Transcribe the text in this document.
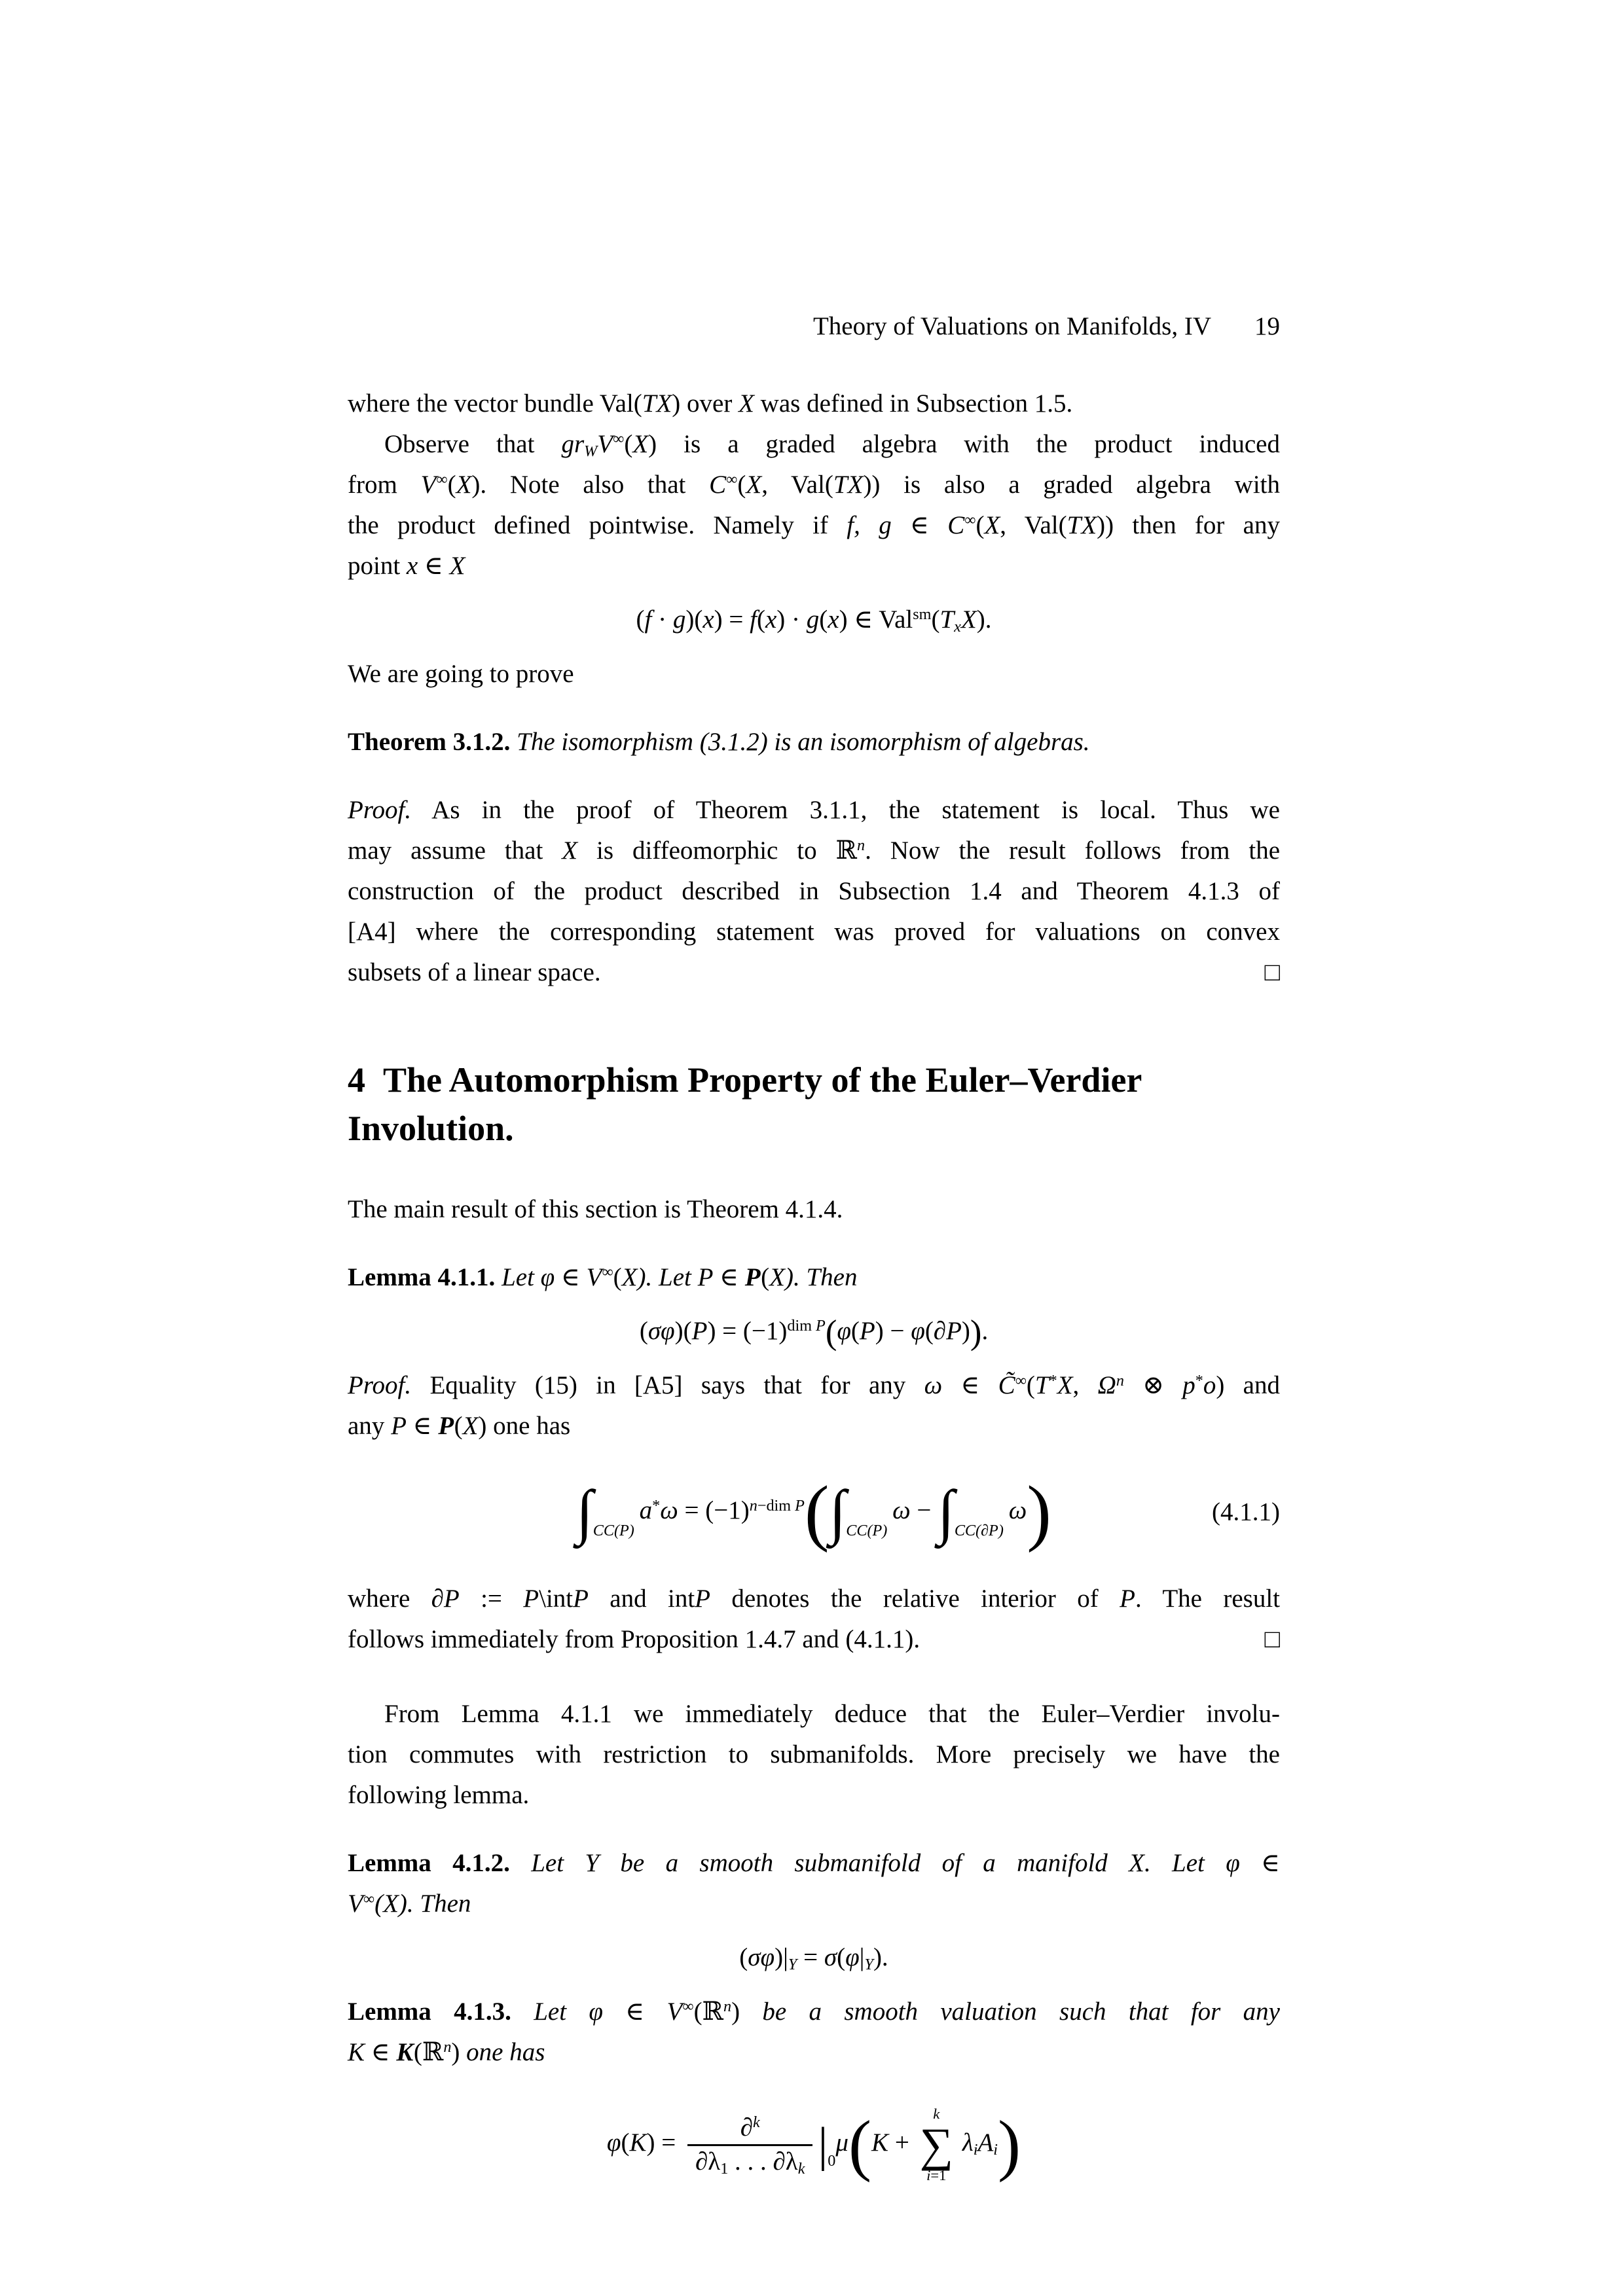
Theory of Valuations on Manifolds, IV 19
where the vector bundle Val(TX) over X was defined in Subsection 1.5.
Observe that grWV∞(X) is a graded algebra with the product induced
from V∞(X). Note also that C∞(X, Val(TX)) is also a graded algebra with
the product defined pointwise. Namely if f, g ∈ C∞(X, Val(TX)) then for any
point x ∈ X
(f · g)(x) = f(x) · g(x) ∈ Val$^{sm}$(TxX).
We are going to prove
Theorem 3.1.2. The isomorphism (3.1.2) is an isomorphism of algebras.
Proof. As in the proof of Theorem 3.1.1, the statement is local. Thus we
may assume that X is diffeomorphic to ℝ$^n$. Now the result follows from the
construction of the product described in Subsection 1.4 and Theorem 4.1.3 of
[A4] where the corresponding statement was proved for valuations on convex
□
subsets of a linear space.
4  The Automorphism Property of the Euler–Verdier
Involution.
The main result of this section is Theorem 4.1.4.
Lemma 4.1.1. Let φ ∈ V∞(X). Let P ∈ P(X). Then
$(\sigma\varphi)(P) = (-1)^{dim}$ $^P$(φ(P) − φ(∂P)).
Proof. Equality (15) in [A5] says that for any ω ∈ C̃∞(T*X, $\Omega^n$ ⊗ p*o) and
any P ∈ P(X) one has
$\int_{CC(P)}$ $a^*\omega = (-1)^{n-dim}$ $^P(\int_{CC(P)}$ $\omega - \int_{CC(\partial P)}$ ω)	(4.1.1)
where ∂P := P\intP and intP denotes the relative interior of P. The result
□
follows immediately from Proposition 1.4.7 and (4.1.1).
From Lemma 4.1.1 we immediately deduce that the Euler–Verdier involu-
tion commutes with restriction to submanifolds. More precisely we have the
following lemma.
Lemma 4.1.2. Let Y be a smooth submanifold of a manifold X. Let φ ∈
V∞(X). Then
(σφ)|Y = σ(φ|Y).
Lemma 4.1.3. Let φ ∈ V∞(ℝ$^n$) be a smooth valuation such that for any
K ∈ K(ℝ$^n$) one has
$\varphi(K) = \frac{\partial^k}{\partial\lambda 1 . . . \partial\lambda k} |_0\mu(K$ +
k
∑
i=1
 λiAi)
